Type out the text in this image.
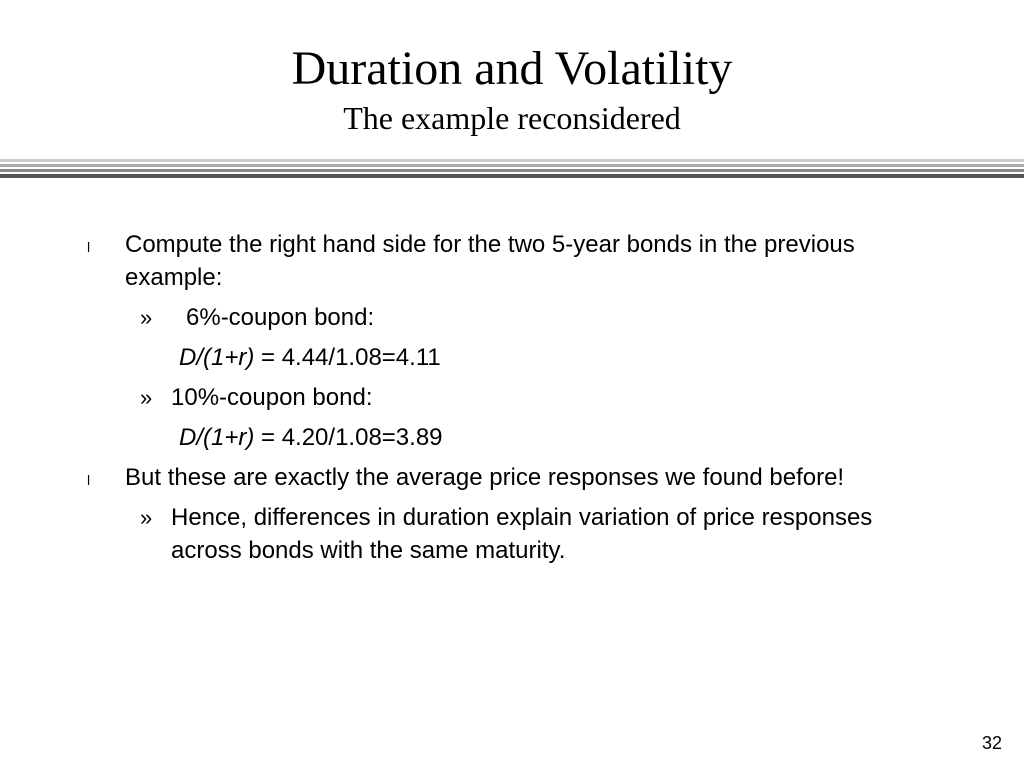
Duration and Volatility
The example reconsidered
l Compute the right hand side for the two 5-year bonds in the previous example:
» 6%-coupon bond:
D/(1+r) = 4.44/1.08=4.11
» 10%-coupon bond:
D/(1+r) = 4.20/1.08=3.89
l But these are exactly the average price responses we found before!
» Hence, differences in duration explain variation of price responses across bonds with the same maturity.
32
